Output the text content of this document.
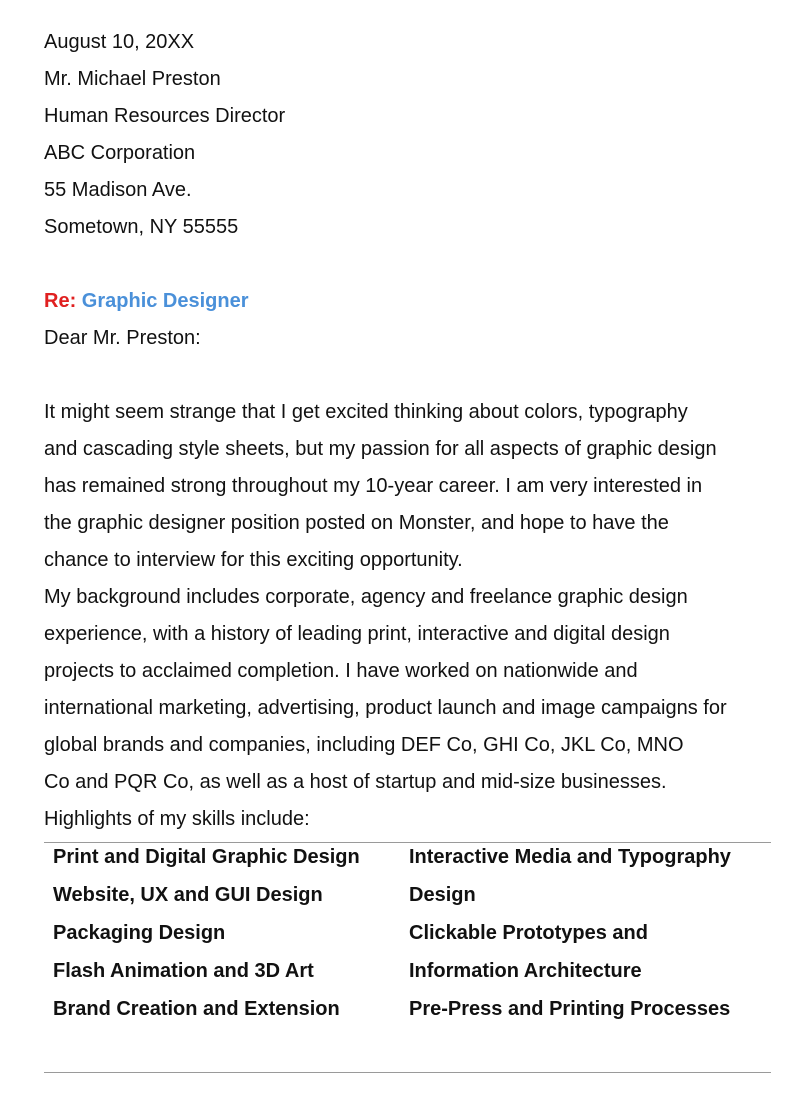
August 10, 20XX
Mr. Michael Preston
Human Resources Director
ABC Corporation
55 Madison Ave.
Sometown, NY 55555
Re: Graphic Designer
Dear Mr. Preston:
It might seem strange that I get excited thinking about colors, typography
and cascading style sheets, but my passion for all aspects of graphic design
has remained strong throughout my 10-year career. I am very interested in
the graphic designer position posted on Monster, and hope to have the
chance to interview for this exciting opportunity.
My background includes corporate, agency and freelance graphic design
experience, with a history of leading print, interactive and digital design
projects to acclaimed completion. I have worked on nationwide and
international marketing, advertising, product launch and image campaigns for
global brands and companies, including DEF Co, GHI Co, JKL Co, MNO
Co and PQR Co, as well as a host of startup and mid-size businesses.
Highlights of my skills include:
Print and Digital Graphic Design	Interactive Media and Typography
Website, UX and GUI Design	Design
Packaging Design	Clickable Prototypes and
Flash Animation and 3D Art	Information Architecture
Brand Creation and Extension	Pre-Press and Printing Processes
